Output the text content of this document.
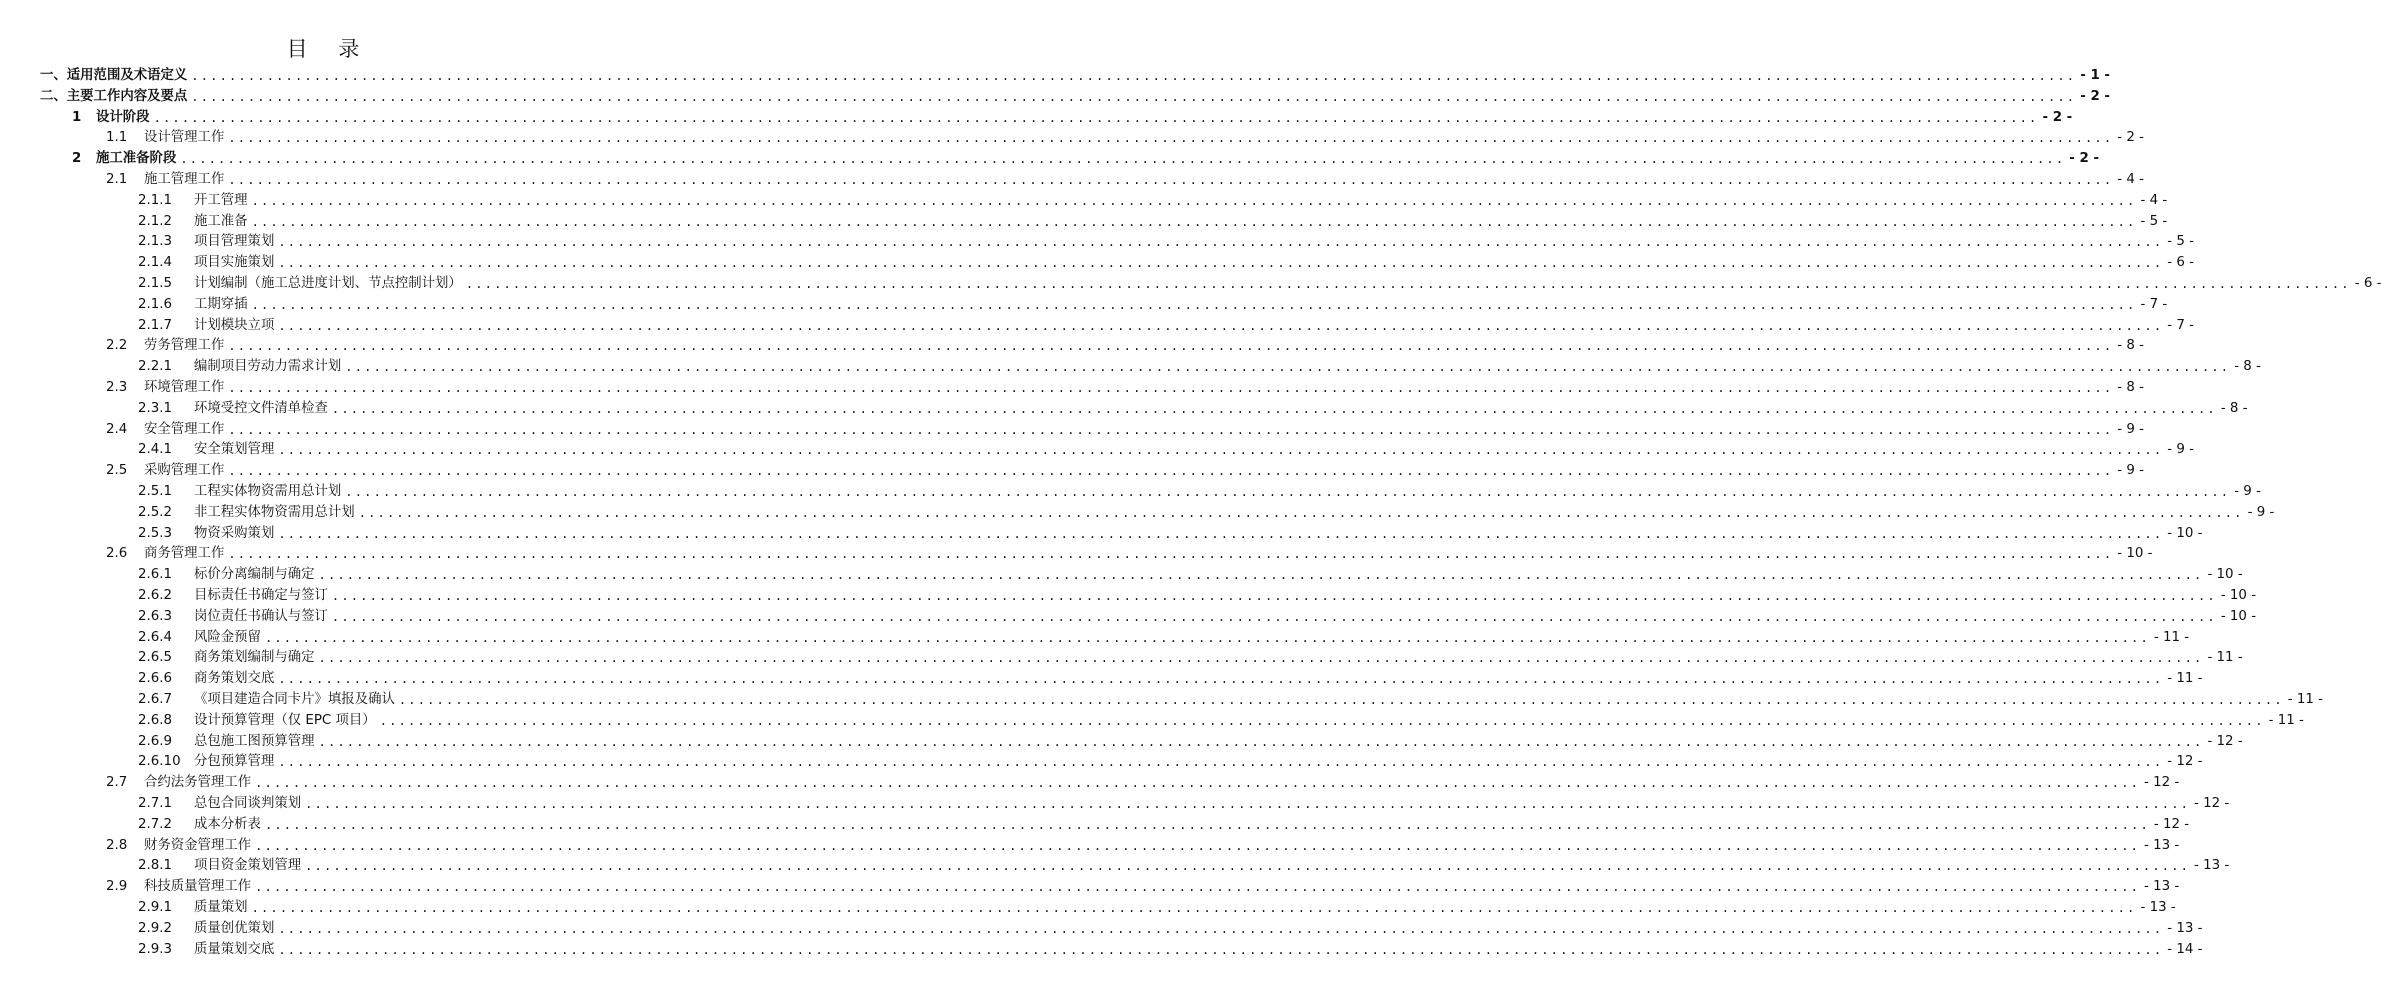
目 录
一、适用范围及术语定义 ........................................................................................................................................................................................................ - 1 -
二、主要工作内容及要点 ........................................................................................................................................................................................................ - 2 -
1	设计阶段 ........................................................................................................................................................................................................ - 2 -
1.1	设计管理工作 ........................................................................................................................................................................................................ - 2 -
2	施工准备阶段 ........................................................................................................................................................................................................ - 2 -
2.1	施工管理工作 ........................................................................................................................................................................................................ - 4 -
2.1.1	开工管理 ........................................................................................................................................................................................................ - 4 -
2.1.2	施工准备 ........................................................................................................................................................................................................ - 5 -
2.1.3	项目管理策划 ........................................................................................................................................................................................................ - 5 -
2.1.4	项目实施策划 ........................................................................................................................................................................................................ - 6 -
2.1.5	计划编制（施工总进度计划、节点控制计划） ........................................................................................................................................................................................................ - 6 -
2.1.6	工期穿插 ........................................................................................................................................................................................................ - 7 -
2.1.7	计划模块立项 ........................................................................................................................................................................................................ - 7 -
2.2	劳务管理工作 ........................................................................................................................................................................................................ - 8 -
2.2.1	编制项目劳动力需求计划 ........................................................................................................................................................................................................ - 8 -
2.3	环境管理工作 ........................................................................................................................................................................................................ - 8 -
2.3.1	环境受控文件清单检查 ........................................................................................................................................................................................................ - 8 -
2.4	安全管理工作 ........................................................................................................................................................................................................ - 9 -
2.4.1	安全策划管理 ........................................................................................................................................................................................................ - 9 -
2.5	采购管理工作 ........................................................................................................................................................................................................ - 9 -
2.5.1	工程实体物资需用总计划 ........................................................................................................................................................................................................ - 9 -
2.5.2	非工程实体物资需用总计划 ........................................................................................................................................................................................................ - 9 -
2.5.3	物资采购策划 ........................................................................................................................................................................................................ - 10 -
2.6	商务管理工作 ........................................................................................................................................................................................................ - 10 -
2.6.1	标价分离编制与确定 ........................................................................................................................................................................................................ - 10 -
2.6.2	目标责任书确定与签订 ........................................................................................................................................................................................................ - 10 -
2.6.3	岗位责任书确认与签订 ........................................................................................................................................................................................................ - 10 -
2.6.4	风险金预留 ........................................................................................................................................................................................................ - 11 -
2.6.5	商务策划编制与确定 ........................................................................................................................................................................................................ - 11 -
2.6.6	商务策划交底 ........................................................................................................................................................................................................ - 11 -
2.6.7	《项目建造合同卡片》填报及确认 ........................................................................................................................................................................................................ - 11 -
2.6.8	设计预算管理（仅 EPC 项目） ........................................................................................................................................................................................................ - 11 -
2.6.9	总包施工图预算管理 ........................................................................................................................................................................................................ - 12 -
2.6.10	分包预算管理 ........................................................................................................................................................................................................ - 12 -
2.7	合约法务管理工作 ........................................................................................................................................................................................................ - 12 -
2.7.1	总包合同谈判策划 ........................................................................................................................................................................................................ - 12 -
2.7.2	成本分析表 ........................................................................................................................................................................................................ - 12 -
2.8	财务资金管理工作 ........................................................................................................................................................................................................ - 13 -
2.8.1	项目资金策划管理 ........................................................................................................................................................................................................ - 13 -
2.9	科技质量管理工作 ........................................................................................................................................................................................................ - 13 -
2.9.1	质量策划 ........................................................................................................................................................................................................ - 13 -
2.9.2	质量创优策划 ........................................................................................................................................................................................................ - 13 -
2.9.3	质量策划交底 ........................................................................................................................................................................................................ - 14 -
